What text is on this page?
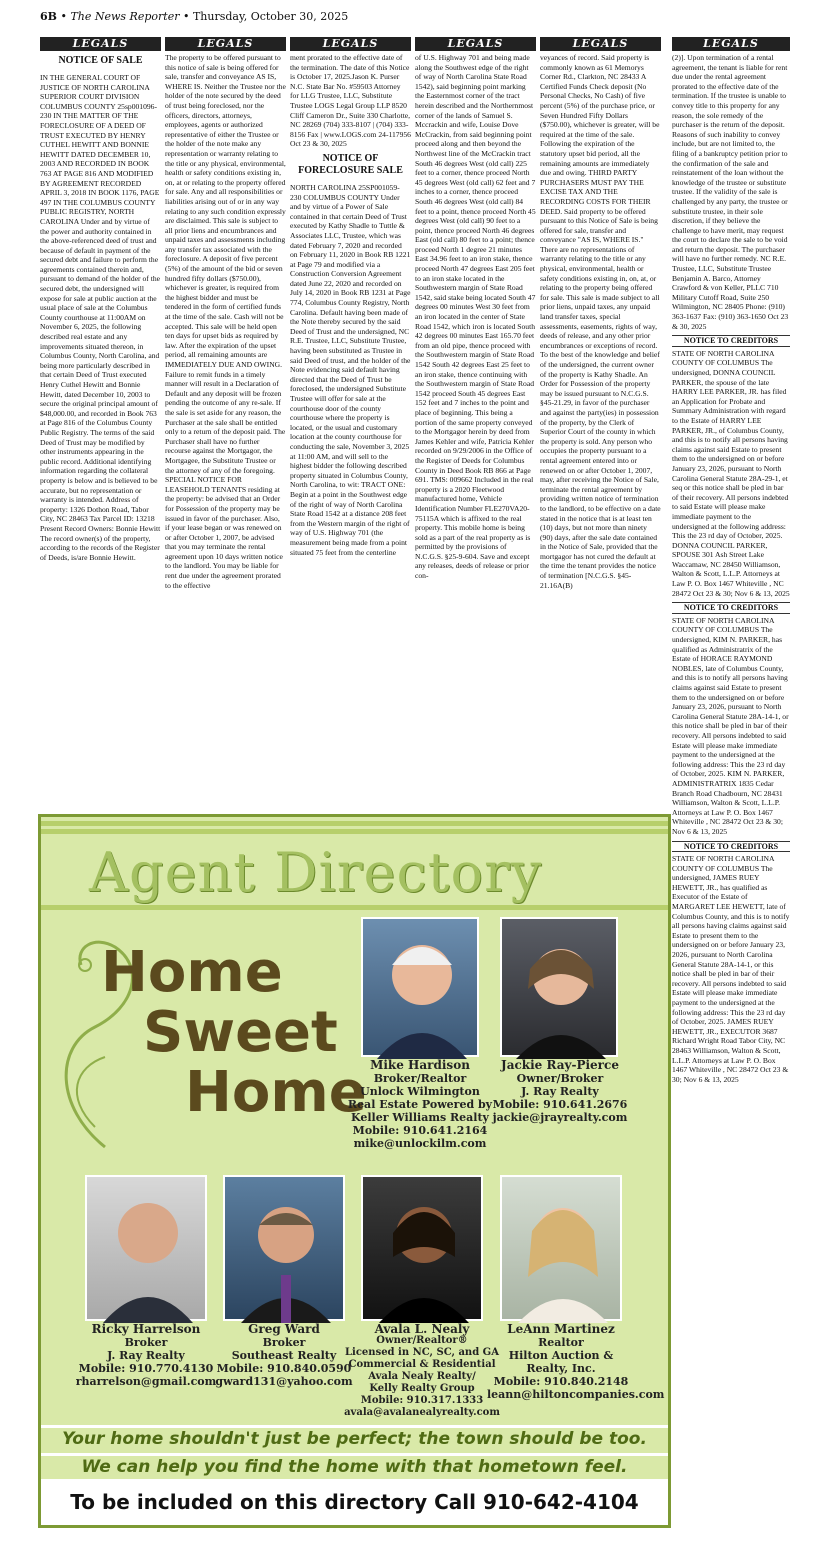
6B • The News Reporter • Thursday, October 30, 2025
LEGALS
NOTICE OF SALE

IN THE GENERAL COURT OF JUSTICE OF NORTH CAROLINA SUPERIOR COURT DIVISION COLUMBUS COUNTY 25sp001096-230 IN THE MATTER OF THE FORECLOSURE OF A DEED OF TRUST EXECUTED BY HENRY CUTHEL HEWITT AND BONNIE HEWITT DATED DECEMBER 10, 2003 AND RECORDED IN BOOK 763 AT PAGE 816 AND MODIFIED BY AGREEMENT RECORDED APRIL 3, 2018 IN BOOK 1176, PAGE 497 IN THE COLUMBUS COUNTY PUBLIC REGISTRY, NORTH CAROLINA Under and by virtue of the power and authority contained in the above-referenced deed of trust and because of default in payment of the secured debt and failure to perform the agreements contained therein and, pursuant to demand of the holder of the secured debt, the undersigned will expose for sale at public auction at the usual place of sale at the Columbus County courthouse at 11:00AM on November 6, 2025, the following described real estate and any improvements situated thereon, in Columbus County, North Carolina, and being more particularly described in that certain Deed of Trust executed Henry Cuthel Hewitt and Bonnie Hewitt, dated December 10, 2003 to secure the original principal amount of $48,000.00, and recorded in Book 763 at Page 816 of the Columbus County Public Registry. The terms of the said Deed of Trust may be modified by other instruments appearing in the public record. Additional identifying information regarding the collateral property is below and is believed to be accurate, but no representation or warranty is intended. Address of property: 1326 Dothon Road, Tabor City, NC 28463 Tax Parcel ID: 13218 Present Record Owners: Bonnie Hewitt The record owner(s) of the property, according to the records of the Register of Deeds, is/are Bonnie Hewitt.

LEGALS

The property to be offered pursuant to this notice of sale is being offered for sale, transfer and conveyance AS IS, WHERE IS. Neither the Trustee nor the holder of the note secured by the deed of trust being foreclosed, nor the officers, directors, attorneys, employees, agents or authorized representative of either the Trustee or the holder of the note make any representation or warranty relating to the title or any physical, environmental, health or safety conditions existing in, on, at or relating to the property offered for sale. Any and all responsibilities or liabilities arising out of or in any way relating to any such condition expressly are disclaimed. This sale is subject to all prior liens and encumbrances and unpaid taxes and assessments including any transfer tax associated with the foreclosure. A deposit of five percent (5%) of the amount of the bid or seven hundred fifty dollars ($750.00), whichever is greater, is required from the highest bidder and must be tendered in the form of certified funds at the time of the sale. Cash will not be accepted. This sale will be held open ten days for upset bids as required by law. After the expiration of the upset period, all remaining amounts are IMMEDIATELY DUE AND OWING. Failure to remit funds in a timely manner will result in a Declaration of Default and any deposit will be frozen pending the outcome of any re-sale. If the sale is set aside for any reason, the Purchaser at the sale shall be entitled only to a return of the deposit paid. The Purchaser shall have no further recourse against the Mortgagor, the Mortgagee, the Substitute Trustee or the attorney of any of the foregoing. SPECIAL NOTICE FOR LEASEHOLD TENANTS residing at the property: be advised that an Order for Possession of the property may be issued in favor of the purchaser. Also, if your lease began or was renewed on or after October 1, 2007, be advised that you may terminate the rental agreement upon 10 days written notice to the landlord. You may be liable for rent due under the agreement prorated to the effective

LEGALS

ment prorated to the effective date of the termination. The date of this Notice is October 17, 2025.Jason K. Purser N.C. State Bar No. #59503 Attorney for LLG Trustee, LLC, Substitute Trustee LOGS Legal Group LLP 8520 Cliff Cameron Dr., Suite 330 Charlotte, NC 28269 (704) 333-8107 | (704) 333-8156 Fax | www.LOGS.com 24-117956 Oct 23 & 30, 2025

NOTICE OF FORECLOSURE SALE

NORTH CAROLINA 25SP001059-230 COLUMBUS COUNTY Under and by virtue of a Power of Sale contained in that certain Deed of Trust executed by Kathy Shadle to Tuttle & Associates LLC, Trustee, which was dated February 7, 2020 and recorded on February 11, 2020 in Book RB 1221 at Page 79 and modified via a Construction Conversion Agreement dated June 22, 2020 and recorded on July 14, 2020 in Book RB 1231 at Page 774, Columbus County Registry, North Carolina. Default having been made of the Note thereby secured by the said Deed of Trust and the undersigned, NC R.E. Trustee, LLC, Substitute Trustee, having been substituted as Trustee in said Deed of trust, and the holder of the Note evidencing said default having directed that the Deed of Trust be foreclosed, the undersigned Substitute Trustee will offer for sale at the courthouse door of the county courthouse where the property is located, or the usual and customary location at the county courthouse for conducting the sale, November 3, 2025 at 11:00 AM, and will sell to the highest bidder the following described property situated in Columbus County, North Carolina, to wit: TRACT ONE: Begin at a point in the Southwest edge of the right of way of North Carolina State Road 1542 at a distance 208 feet from the Western margin of the right of way of U.S. Highway 701 (the measurement being made from a point situated 75 feet from the centerline

LEGALS

of U.S. Highway 701 and being made along the Southwest edge of the right of way of North Carolina State Road 1542), said beginning point marking the Easternmost corner of the tract herein described and the Northernmost corner of the lands of Samuel S. Mccrackin and wife, Louise Dove McCrackin, from said beginning point proceed along and then beyond the Northwest line of the McCrackin tract South 46 degrees West (old call) 225 feet to a corner, thence proceed North 45 degrees West (old call) 62 feet and 7 inches to a corner, thence proceed South 46 degrees West (old call) 84 feet to a point, thence proceed North 45 degrees West (old call) 90 feet to a point, thence proceed North 46 degrees East (old call) 80 feet to a point; thence proceed North 1 degree 21 minutes East 34.96 feet to an iron stake, thence proceed North 47 degrees East 205 feet to an iron stake located in the Southwestern margin of State Road 1542, said stake being located South 47 degrees 00 minutes West 30 feet from an iron located in the center of State Road 1542, which iron is located South 42 degrees 00 minutes East 165.70 feet from an old pipe, thence proceed with the Southwestern margin of State Road 1542 South 42 degrees East 25 feet to an iron stake, thence continuing with the Southwestern margin of State Road 1542 proceed South 45 degrees East 152 feet and 7 inches to the point and place of beginning. This being a portion of the same property conveyed to the Mortgagor herein by deed from James Kehler and wife, Patricia Kehler recorded on 9/29/2006 in the Office of the Register of Deeds for Columbus County in Deed Book RB 866 at Page 691. TMS: 009662 Included in the real property is a 2020 Fleetwood manufactured home, Vehicle Identification Number FLE270VA20-75115A which is affixed to the real property. This mobile home is being sold as a part of the real property as is permitted by the provisions of N.C.G.S. §25-9-604. Save and except any releases, deeds of release or prior con-

LEGALS

veyances of record. Said property is commonly known as 61 Memorys Corner Rd., Clarkton, NC 28433 A Certified Funds Check deposit (No Personal Checks, No Cash) of five percent (5%) of the purchase price, or Seven Hundred Fifty Dollars ($750.00), whichever is greater, will be required at the time of the sale. Following the expiration of the statutory upset bid period, all the remaining amounts are immediately due and owing. THIRD PARTY PURCHASERS MUST PAY THE EXCISE TAX AND THE RECORDING COSTS FOR THEIR DEED. Said property to be offered pursuant to this Notice of Sale is being offered for sale, transfer and conveyance "AS IS, WHERE IS." There are no representations of warranty relating to the title or any physical, environmental, health or safety conditions existing in, on, at, or relating to the property being offered for sale. This sale is made subject to all prior liens, unpaid taxes, any unpaid land transfer taxes, special assessments, easements, rights of way, deeds of release, and any other prior encumbrances or exceptions of record. To the best of the knowledge and belief of the undersigned, the current owner of the property is Kathy Shadle. An Order for Possession of the property may be issued pursuant to N.C.G.S. §45-21.29, in favor of the purchaser and against the party(ies) in possession of the property, by the Clerk of Superior Court of the county in which the property is sold. Any person who occupies the property pursuant to a rental agreement entered into or renewed on or after October 1, 2007, may, after receiving the Notice of Sale, terminate the rental agreement by providing written notice of termination to the landlord, to be effective on a date stated in the notice that is at least ten (10) days, but not more than ninety (90) days, after the sale date contained in the Notice of Sale, provided that the mortgagor has not cured the default at the time the tenant provides the notice of termination [N.C.G.S. §45-21.16A(B)

LEGALS

(2)]. Upon termination of a rental agreement, the tenant is liable for rent due under the rental agreement prorated to the effective date of the termination. If the trustee is unable to convey title to this property for any reason, the sole remedy of the purchaser is the return of the deposit. Reasons of such inability to convey include, but are not limited to, the filing of a bankruptcy petition prior to the confirmation of the sale and reinstatement of the loan without the knowledge of the trustee or substitute trustee. If the validity of the sale is challenged by any party, the trustee or substitute trustee, in their sole discretion, if they believe the challenge to have merit, may request the court to declare the sale to be void and return the deposit. The purchaser will have no further remedy. NC R.E. Trustee, LLC, Substitute Trustee Benjamin A. Barco, Attorney Crawford & von Keller, PLLC 710 Military Cutoff Road, Suite 250 Wilmington, NC 28405 Phone: (910) 363-1637 Fax: (910) 363-1650 Oct 23 & 30, 2025

NOTICE TO CREDITORS

STATE OF NORTH CAROLINA COUNTY OF COLUMBUS The undersigned, DONNA COUNCIL PARKER, the spouse of the late HARRY LEE PARKER, JR. has filed an Application for Probate and Summary Administration with regard to the Estate of HARRY LEE PARKER, JR., of Columbus County, and this is to notify all persons having claims against said Estate to present them to the undersigned on or before January 23, 2026, pursuant to North Carolina General Statute 28A-29-1, et seq or this notice shall be pled in bar of their recovery. All persons indebted to said Estate will please make immediate payment to the undersigned at the following address: This the 23 rd day of October, 2025. DONNA COUNCIL PARKER, SPOUSE 301 Ash Street Lake Waccamaw, NC 28450 Williamson, Walton & Scott, L.L.P. Attorneys at Law P. O. Box 1467 Whiteville , NC 28472 Oct 23 & 30; Nov 6 & 13, 2025

NOTICE TO CREDITORS

STATE OF NORTH CAROLINA COUNTY OF COLUMBUS The undersigned, KIM N. PARKER, has qualified as Administratrix of the Estate of HORACE RAYMOND NOBLES, late of Columbus County, and this is to notify all persons having claims against said Estate to present them to the undersigned on or before January 23, 2026, pursuant to North Carolina General Statute 28A-14-1, or this notice shall be pled in bar of their recovery. All persons indebted to said Estate will please make immediate payment to the undersigned at the following address: This the 23 rd day of October, 2025. KIM N. PARKER, ADMINISTRATRIX 1835 Cedar Branch Road Chadbourn, NC 28431 Williamson, Walton & Scott, L.L.P. Attorneys at Law P. O. Box 1467 Whiteville , NC 28472 Oct 23 & 30; Nov 6 & 13, 2025

NOTICE TO CREDITORS

STATE OF NORTH CAROLINA COUNTY OF COLUMBUS The undersigned, JAMES RUEY HEWETT, JR., has qualified as Executor of the Estate of MARGARET LEE HEWETT, late of Columbus County, and this is to notify all persons having claims against said Estate to present them to the undersigned on or before January 23, 2026, pursuant to North Carolina General Statute 28A-14-1, or this notice shall be pled in bar of their recovery. All persons indebted to said Estate will please make immediate payment to the undersigned at the following address: This the 23 rd day of October, 2025. JAMES RUEY HEWETT, JR., EXECUTOR 3687 Richard Wright Road Tabor City, NC 28463 Williamson, Walton & Scott, L.L.P. Attorneys at Law P. O. Box 1467 Whiteville , NC 28472 Oct 23 & 30; Nov 6 & 13, 2025

Agent Directory
Home
Sweet
Home Mike Hardison
Broker/Realtor
Unlock Wilmington
Real Estate Powered by
Keller Williams Realty
Mobile: 910.641.2164
mike@unlockilm.com
Jackie Ray-Pierce
Owner/Broker
J. Ray Realty
Mobile: 910.641.2676
jackie@jrayrealty.com
Ricky Harrelson
Broker
J. Ray Realty
Mobile: 910.770.4130
rharrelson@gmail.com
Greg Ward
Broker
Southeast Realty
Mobile: 910.840.0590
gward131@yahoo.com
Avala L. Nealy
Owner/Realtor®
Licensed in NC, SC, and GA
Commercial & Residential
Avala Nealy Realty/
Kelly Realty Group
Mobile: 910.317.1333
avala@avalanealyrealty.com
LeAnn Martinez
Realtor
Hilton Auction &
Realty, Inc.
Mobile: 910.840.2148
leann@hiltoncompanies.com
Your home shouldn't just be perfect; the town should be too.
We can help you find the home with that hometown feel.
To be included on this directory Call 910-642-4104
